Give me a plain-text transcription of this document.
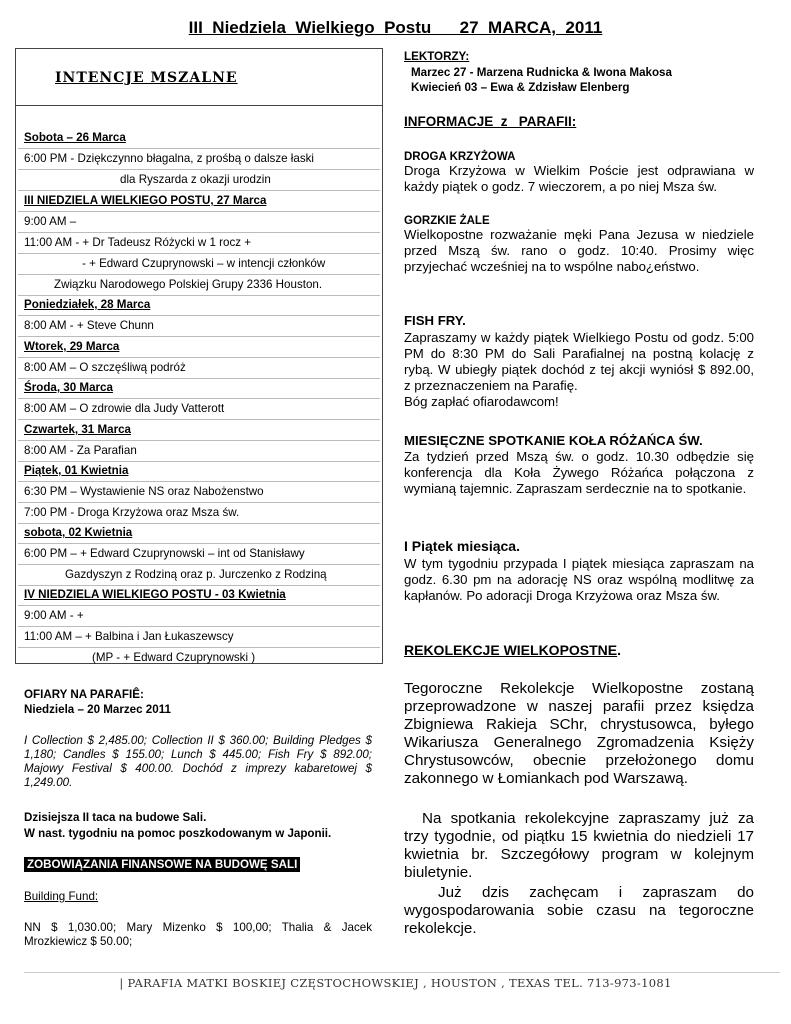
III  Niedziela  Wielkiego  Postu      27  MARCA,  2011
INTENCJE MSZALNE
Sobota – 26 Marca
6:00 PM - Dziękczynno błagalna, z prośbą o dalsze łaski
dla Ryszarda z okazji urodzin
III NIEDZIELA WIELKIEGO POSTU, 27 Marca
9:00 AM –
11:00 AM - + Dr Tadeusz Różycki w 1 rocz +
- + Edward Czuprynowski – w intencji członków
Związku Narodowego Polskiej Grupy 2336 Houston.
Poniedziałek, 28 Marca
8:00 AM - + Steve Chunn
Wtorek, 29 Marca
8:00 AM – O szczęśliwą podróż
Środa, 30 Marca
8:00 AM – O zdrowie dla Judy Vatterott
Czwartek, 31 Marca
8:00 AM - Za Parafian
Piątek, 01 Kwietnia
6:30 PM – Wystawienie NS oraz Nabożenstwo
7:00 PM - Droga Krzyżowa oraz Msza św.
sobota, 02 Kwietnia
6:00 PM – + Edward Czuprynowski – int od Stanisławy
Gazdyszyn z Rodziną oraz p. Jurczenko z Rodziną
IV NIEDZIELA WIELKIEGO POSTU - 03 Kwietnia
9:00 AM - +
11:00 AM – + Balbina i Jan Łukaszewscy
(MP - + Edward Czuprynowski )
OFIARY NA PARAFIÊ:
Niedziela – 20 Marzec 2011
I Collection $ 2,485.00; Collection II $ 360.00; Building Pledges $ 1,180; Candles $ 155.00; Lunch $ 445.00; Fish Fry $ 892.00; Majowy Festival $ 400.00. Dochód z imprezy kabaretowej $ 1,249.00.
Dzisiejsza II taca na budowe Sali.
W nast. tygodniu na pomoc poszkodowanym w Japonii.
ZOBOWIĄZANIA FINANSOWE NA BUDOWĘ SALI
Building Fund:
NN $ 1,030.00; Mary Mizenko $ 100,00; Thalia & Jacek Mrozkiewicz $ 50.00;
LEKTORZY:
Marzec 27 - Marzena Rudnicka & Iwona Makosa
Kwiecień 03 – Ewa & Zdzisław Elenberg
INFORMACJE  z   PARAFII:
DROGA KRZYŻOWA
Droga Krzyżowa w Wielkim Poście jest odprawiana w każdy piątek o godz. 7 wieczorem, a po niej Msza św.
GORZKIE ŻALE
Wielkopostne rozważanie męki Pana Jezusa w niedziele przed Mszą św. rano o godz. 10:40. Prosimy więc przyjechać wcześniej na to wspólne nabo¿eństwo.
FISH FRY.
Zapraszamy w każdy piątek Wielkiego Postu od godz. 5:00 PM do 8:30 PM do Sali Parafialnej na postną kolację z rybą. W ubiegły piątek dochód z tej akcji wyniósł $ 892.00, z przeznaczeniem na Parafię.
Bóg zapłać ofiarodawcom!
MIESIĘCZNE SPOTKANIE KOŁA RÓŻAŃCA ŚW.
Za tydzień przed Mszą św. o godz. 10.30 odbędzie się konferencja dla Koła Żywego Różańca połączona z wymianą tajemnic. Zapraszam serdecznie na to spotkanie.
I Piątek miesiąca.
W tym tygodniu przypada I piątek miesiąca zapraszam na godz. 6.30 pm na adorację NS oraz wspólną modlitwę za kapłanów. Po adoracji Droga Krzyżowa oraz Msza św.
REKOLEKCJE WIELKOPOSTNE.
Tegoroczne Rekolekcje Wielkopostne zostaną przeprowadzone w naszej parafii przez księdza Zbigniewa Rakieja SChr, chrystusowca, byłego Wikariusza Generalnego Zgromadzenia Księży Chrystusowców, obecnie przełożonego domu zakonnego w Łomiankach pod Warszawą.
Na spotkania rekolekcyjne zapraszamy już za trzy tygodnie, od piątku 15 kwietnia do niedzieli 17 kwietnia br. Szczegółowy program w kolejnym biuletynie.
Już dzis zachęcam i zapraszam do wygospodarowania sobie czasu na tegoroczne rekolekcje.
| PARAFIA MATKI BOSKIEJ CZĘSTOCHOWSKIEJ , HOUSTON , TEXAS TEL. 713-973-1081
